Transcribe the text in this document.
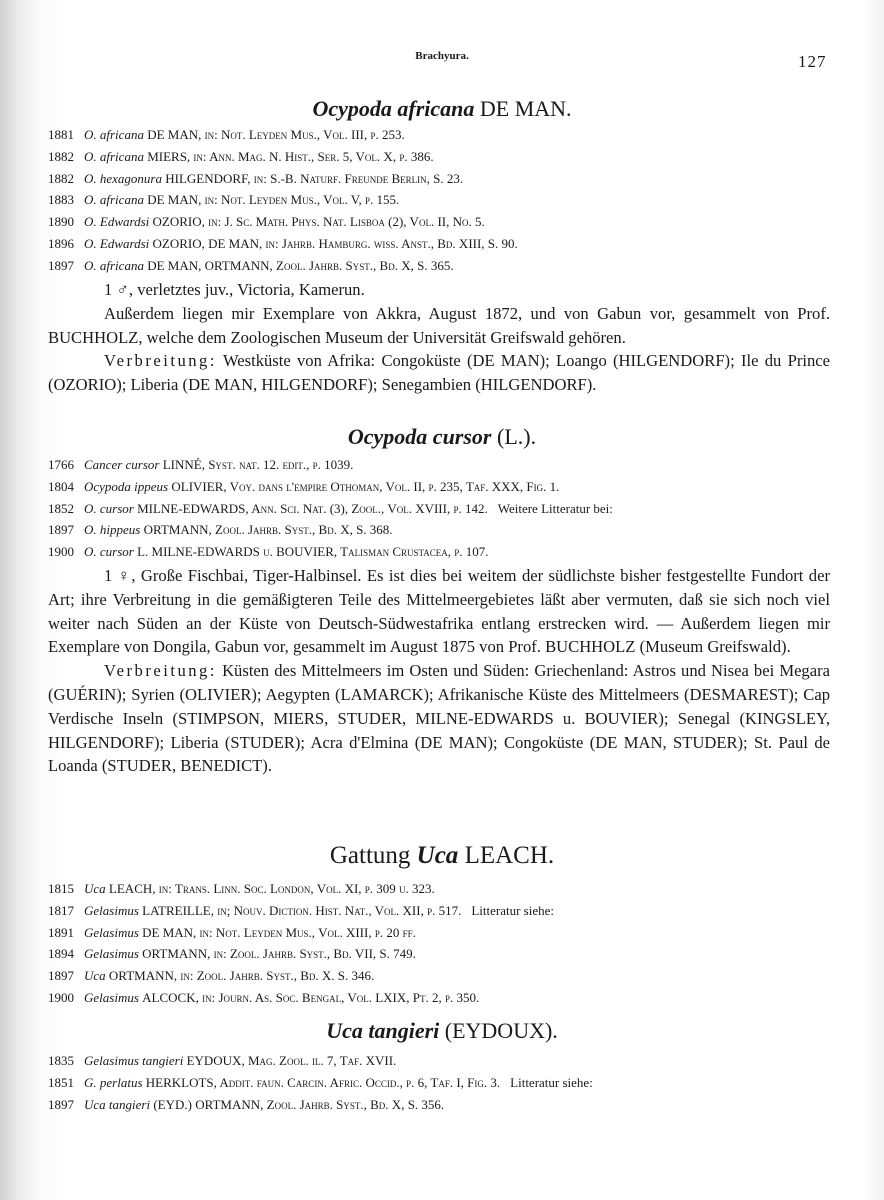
Brachyura.	127
Ocypoda africana DE MAN.
1881 O. africana DE MAN, in: Not. Leyden Mus., Vol. III, p. 253.
1882 O. africana MIERS, in: Ann. Mag. N. Hist., Ser. 5, Vol. X, p. 386.
1882 O. hexagonura HILGENDORF, in: S.-B. Naturf. Freunde Berlin, S. 23.
1883 O. africana DE MAN, in: Not. Leyden Mus., Vol. V, p. 155.
1890 O. Edwardsi OZORIO, in: J. Sc. Math. Phys. Nat. Lisboa (2), Vol. II, No. 5.
1896 O. Edwardsi OZORIO, DE MAN, in: Jahrb. Hamburg. wiss. Anst., Bd. XIII, S. 90.
1897 O. africana DE MAN, ORTMANN, Zool. Jahrb. Syst., Bd. X, S. 365.

1 ♂, verletztes juv., Victoria, Kamerun.

Außerdem liegen mir Exemplare von Akkra, August 1872, und von Gabun vor, gesammelt von Prof. BUCHHOLZ, welche dem Zoologischen Museum der Universität Greifswald gehören.

Verbreitung: Westküste von Afrika: Congoküste (DE MAN); Loango (HILGENDORF); Ile du Prince (OZORIO); Liberia (DE MAN, HILGENDORF); Senegambien (HILGENDORF).

Ocypoda cursor (L.).
1766 Cancer cursor LINNÉ, Syst. nat. 12. edit., p. 1039.
1804 Ocypoda ippeus OLIVIER, Voy. dans l'empire Othoman, Vol. II, p. 235, Taf. XXX, Fig. 1.
1852 O. cursor MILNE-EDWARDS, Ann. Sci. Nat. (3), Zool., Vol. XVIII, p. 142. Weitere Litteratur bei:
1897 O. hippeus ORTMANN, Zool. Jahrb. Syst., Bd. X, S. 368.
1900 O. cursor L. MILNE-EDWARDS u. BOUVIER, Talisman Crustacea, p. 107.

1 ♀, Große Fischbai, Tiger-Halbinsel. Es ist dies bei weitem der südlichste bisher festgestellte Fundort der Art; ihre Verbreitung in die gemäßigteren Teile des Mittelmeergebietes läßt aber vermuten, daß sie sich noch viel weiter nach Süden an der Küste von Deutsch-Südwestafrika entlang erstrecken wird. — Außerdem liegen mir Exemplare von Dongila, Gabun vor, gesammelt im August 1875 von Prof. BUCHHOLZ (Museum Greifswald).

Verbreitung: Küsten des Mittelmeers im Osten und Süden: Griechenland: Astros und Nisea bei Megara (GUÉRIN); Syrien (OLIVIER); Aegypten (LAMARCK); Afrikanische Küste des Mittelmeers (DESMAREST); Cap Verdische Inseln (STIMPSON, MIERS, STUDER, MILNE-EDWARDS u. BOUVIER); Senegal (KINGSLEY, HILGENDORF); Liberia (STUDER); Acra d'Elmina (DE MAN); Congoküste (DE MAN, STUDER); St. Paul de Loanda (STUDER, BENEDICT).

Gattung Uca LEACH.
1815 Uca LEACH, in: Trans. Linn. Soc. London, Vol. XI, p. 309 u. 323.
1817 Gelasimus LATREILLE, in; Nouv. Diction. Hist. Nat., Vol. XII, p. 517. Litteratur siehe:
1891 Gelasimus DE MAN, in: Not. Leyden Mus., Vol. XIII, p. 20 ff.
1894 Gelasimus ORTMANN, in: Zool. Jahrb. Syst., Bd. VII, S. 749.
1897 Uca ORTMANN, in: Zool. Jahrb. Syst., Bd. X. S. 346.
1900 Gelasimus ALCOCK, in: Journ. As. Soc. Bengal, Vol. LXIX, Pt. 2, p. 350.
Uca tangieri (EYDOUX).
1835 Gelasimus tangieri EYDOUX, Mag. Zool. il. 7, Taf. XVII.
1851 G. perlatus HERKLOTS, Addit. faun. Carcin. Afric. Occid., p. 6, Taf. I, Fig. 3. Litteratur siehe:
1897 Uca tangieri (EYD.) ORTMANN, Zool. Jahrb. Syst., Bd. X, S. 356.
